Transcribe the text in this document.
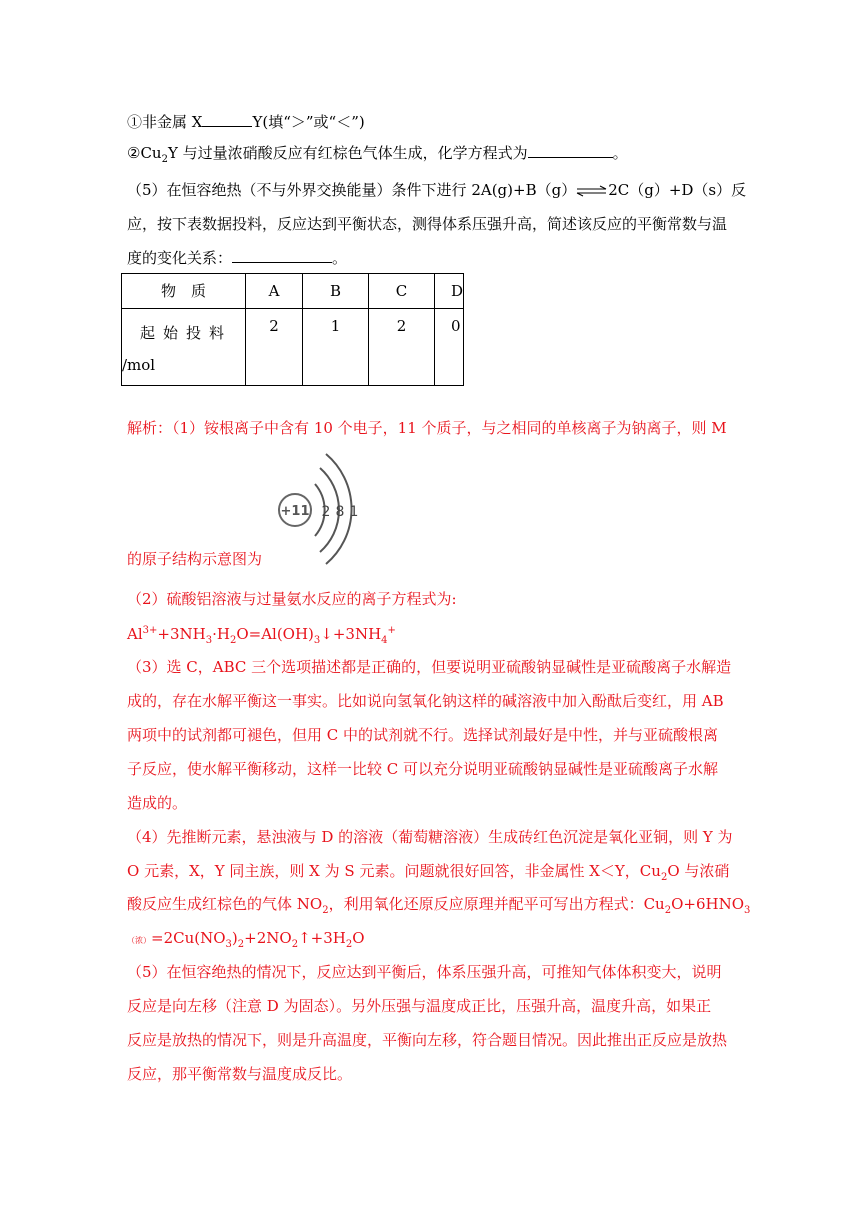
①非金属 X	Y(填“＞”或“＜”)
$②Cu_2Y$ 与过量浓硝酸反应有红棕色气体生成，化学方程式为	。
（5）在恒容绝热（不与外界交换能量）条件下进行 2A(g)+B（g）⇌2C（g）+D（s）反
应，按下表数据投料，反应达到平衡状态，测得体系压强升高，简述该反应的平衡常数与温
度的变化关系：	。
物　质	A	B	C	D

起始投料
/mol	2	1	2	0
解析：（1）铵根离子中含有 10 个电子，11 个质子，与之相同的单核离子为钠离子，则 M
+11 2 8 1
的原子结构示意图为
（2）硫酸铝溶液与过量氨水反应的离子方程式为:
$Al^{3+}+3NH_3\cdot H_2O=Al(OH)_3↓+3NH_4^+$
（3）选 C，ABC 三个选项描述都是正确的，但要说明亚硫酸钠显碱性是亚硫酸离子水解造
成的，存在水解平衡这一事实。比如说向氢氧化钠这样的碱溶液中加入酚酞后变红，用 AB
两项中的试剂都可褪色，但用 C 中的试剂就不行。选择试剂最好是中性，并与亚硫酸根离
子反应，使水解平衡移动，这样一比较 C 可以充分说明亚硫酸钠显碱性是亚硫酸离子水解
造成的。
（4）先推断元素，悬浊液与 D 的溶液（葡萄糖溶液）生成砖红色沉淀是氧化亚铜，则 Y 为
O 元素，X，Y 同主族，则 X 为 S 元素。问题就很好回答，非金属性 X＜Y，$Cu_2O$ 与浓硝
酸反应生成红棕色的气体 $NO_2$，利用氧化还原反应原理并配平可写出方程式：$Cu_2O+6HNO_3$
（浓）$=2Cu(NO_3)_2+2NO_2↑+3H_2O$
（5）在恒容绝热的情况下，反应达到平衡后，体系压强升高，可推知气体体积变大，说明
反应是向左移（注意 D 为固态）。另外压强与温度成正比，压强升高，温度升高，如果正
反应是放热的情况下，则是升高温度，平衡向左移，符合题目情况。因此推出正反应是放热
反应，那平衡常数与温度成反比。
